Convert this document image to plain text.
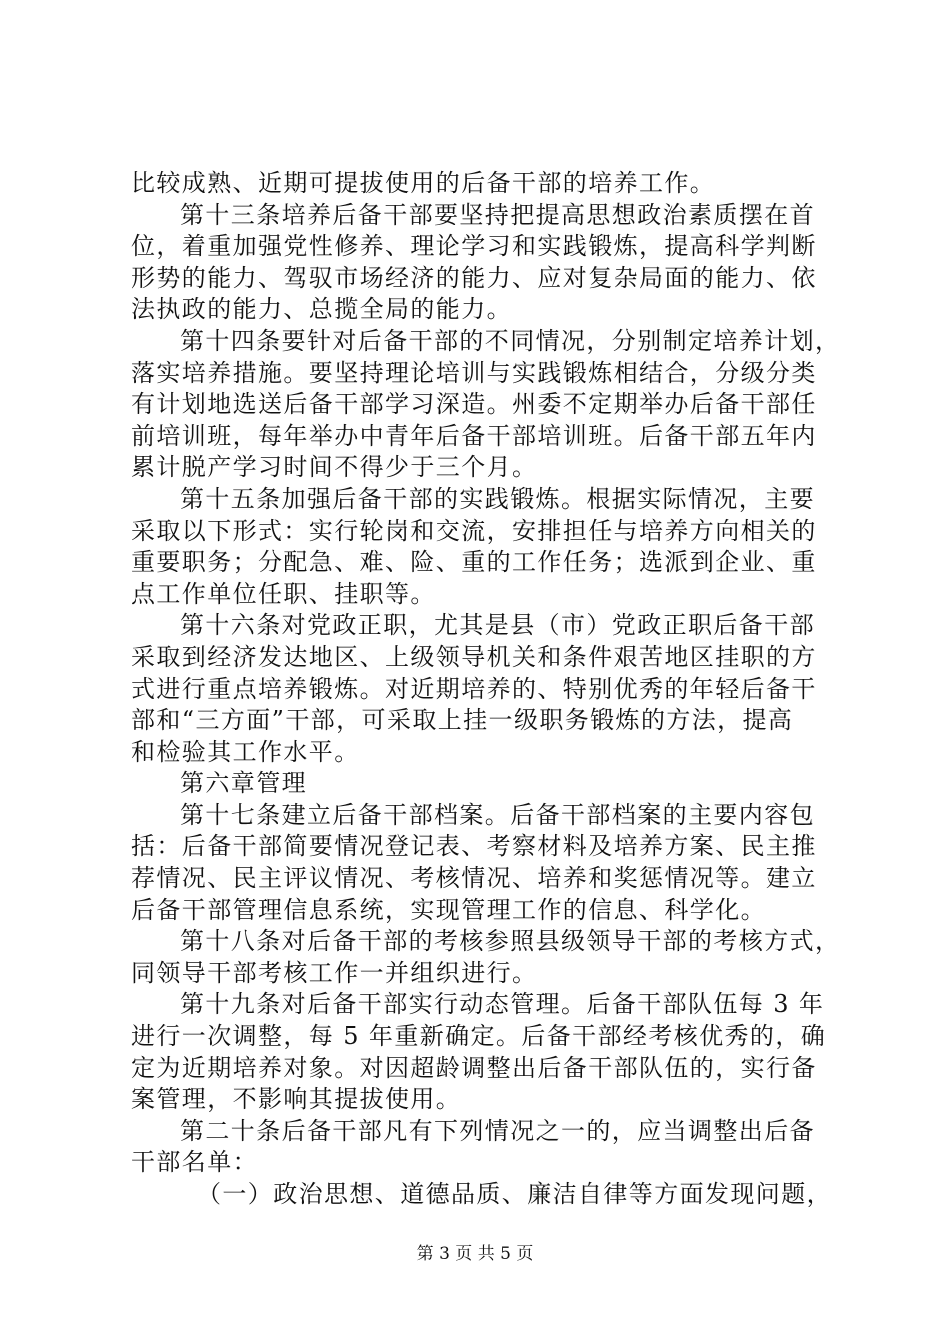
比较成熟、近期可提拔使用的后备干部的培养工作。
第十三条培养后备干部要坚持把提高思想政治素质摆在首
位，着重加强党性修养、理论学习和实践锻炼，提高科学判断
形势的能力、驾驭市场经济的能力、应对复杂局面的能力、依
法执政的能力、总揽全局的能力。
第十四条要针对后备干部的不同情况，分别制定培养计划，
落实培养措施。要坚持理论培训与实践锻炼相结合，分级分类
有计划地选送后备干部学习深造。州委不定期举办后备干部任
前培训班，每年举办中青年后备干部培训班。后备干部五年内
累计脱产学习时间不得少于三个月。
第十五条加强后备干部的实践锻炼。根据实际情况，主要
采取以下形式：实行轮岗和交流，安排担任与培养方向相关的
重要职务；分配急、难、险、重的工作任务；选派到企业、重
点工作单位任职、挂职等。
第十六条对党政正职，尤其是县（市）党政正职后备干部
采取到经济发达地区、上级领导机关和条件艰苦地区挂职的方
式进行重点培养锻炼。对近期培养的、特别优秀的年轻后备干
部和“三方面”干部，可采取上挂一级职务锻炼的方法，提高
和检验其工作水平。
第六章管理
第十七条建立后备干部档案。后备干部档案的主要内容包
括：后备干部简要情况登记表、考察材料及培养方案、民主推
荐情况、民主评议情况、考核情况、培养和奖惩情况等。建立
后备干部管理信息系统，实现管理工作的信息、科学化。
第十八条对后备干部的考核参照县级领导干部的考核方式，
同领导干部考核工作一并组织进行。
第十九条对后备干部实行动态管理。后备干部队伍每 3 年
进行一次调整，每 5 年重新确定。后备干部经考核优秀的，确
定为近期培养对象。对因超龄调整出后备干部队伍的，实行备
案管理，不影响其提拔使用。
第二十条后备干部凡有下列情况之一的，应当调整出后备
干部名单：
（一）政治思想、道德品质、廉洁自律等方面发现问题，
第 3 页 共 5 页
